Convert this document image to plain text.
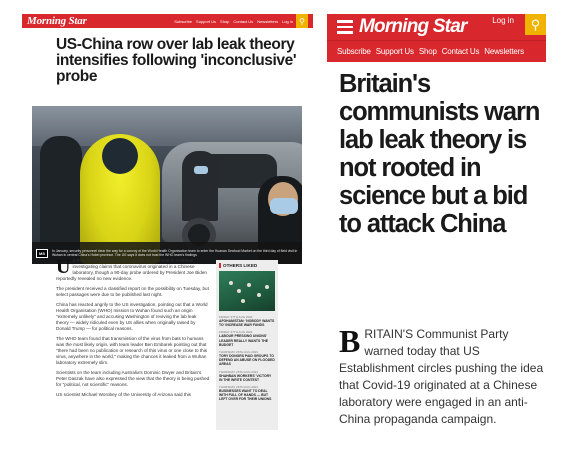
Morning Star	Subscribe Support Us Shop Contact Us Newsletters Log in ⚲
US-China row over lab leak theory intensifies following 'inconclusive' probe
MS	In January, security personnel clear the way for a convoy of the World Health Organisation team to enter the Huanan Seafood Market on the third day of field visit in Wuhan in central China's Hubei province. The US says it does not trust the WHO team's findings
U S POLITICIANS have called on the government to continue investigating claims that coronavirus originated in a Chinese laboratory, though a 90-day probe ordered by President Joe Biden reportedly revealed no new evidence.

The president received a classified report on the possibility on Tuesday, but select passages were due to be published last night.

China has reacted angrily to the US investigation, pointing out that a World Health Organisation (WHO) mission to Wuhan found such an origin "extremely unlikely" and accusing Washington of reviving the lab leak theory — widely ridiculed even by US allies when originally raised by Donald Trump — for political reasons.

The WHO team found that transmission of the virus from bats to humans was the most likely origin, with team leader Ben Embarek pointing out that "there had been no publication or research of this virus or one close to this virus, anywhere in the world," making the chances it leaked from a Wuhan laboratory extremely slim.

Scientists on the team including Australia's Dominic Dwyer and Britain's Peter Daszak have also expressed the view that the theory is being pushed for "political, not scientific" reasons.

US scientist Michael Worobey of the University of Arizona said this

OTHERS LIKED
FRIDAY 27TH AUG 2021
AFGHANISTAN: 'NOBODY WANTS TO' INCREASE WAR FUNDS
FRIDAY 27TH AUG 2021
LABOUR PRESSING UNIONS' LEADER REALLY WANTS THE BUDGET
THURSDAY 26TH AUG 2021
TORY DONORS PAID GROUPS TO DEFEND AN ABUSE ON FLOODED AREAS
THURSDAY 26TH AUG 2021
SHAHBAN WORKERS' VICTORY IN THE WRITE CONTEST
THURSDAY 26TH AUG 2021
BUSINESSES WANT TO DEAL WITH FULL OF HANDS — BUT LEFT OVER FOR THEIR UNIONS
Morning Star	Log in	⚲
Subscribe Support Us Shop Contact Us Newsletters
Britain's communists warn lab leak theory is not rooted in science but a bid to attack China
B RITAIN'S Communist Party warned today that US Establishment circles pushing the idea that Covid-19 originated at a Chinese laboratory were engaged in an anti-China propaganda campaign.
